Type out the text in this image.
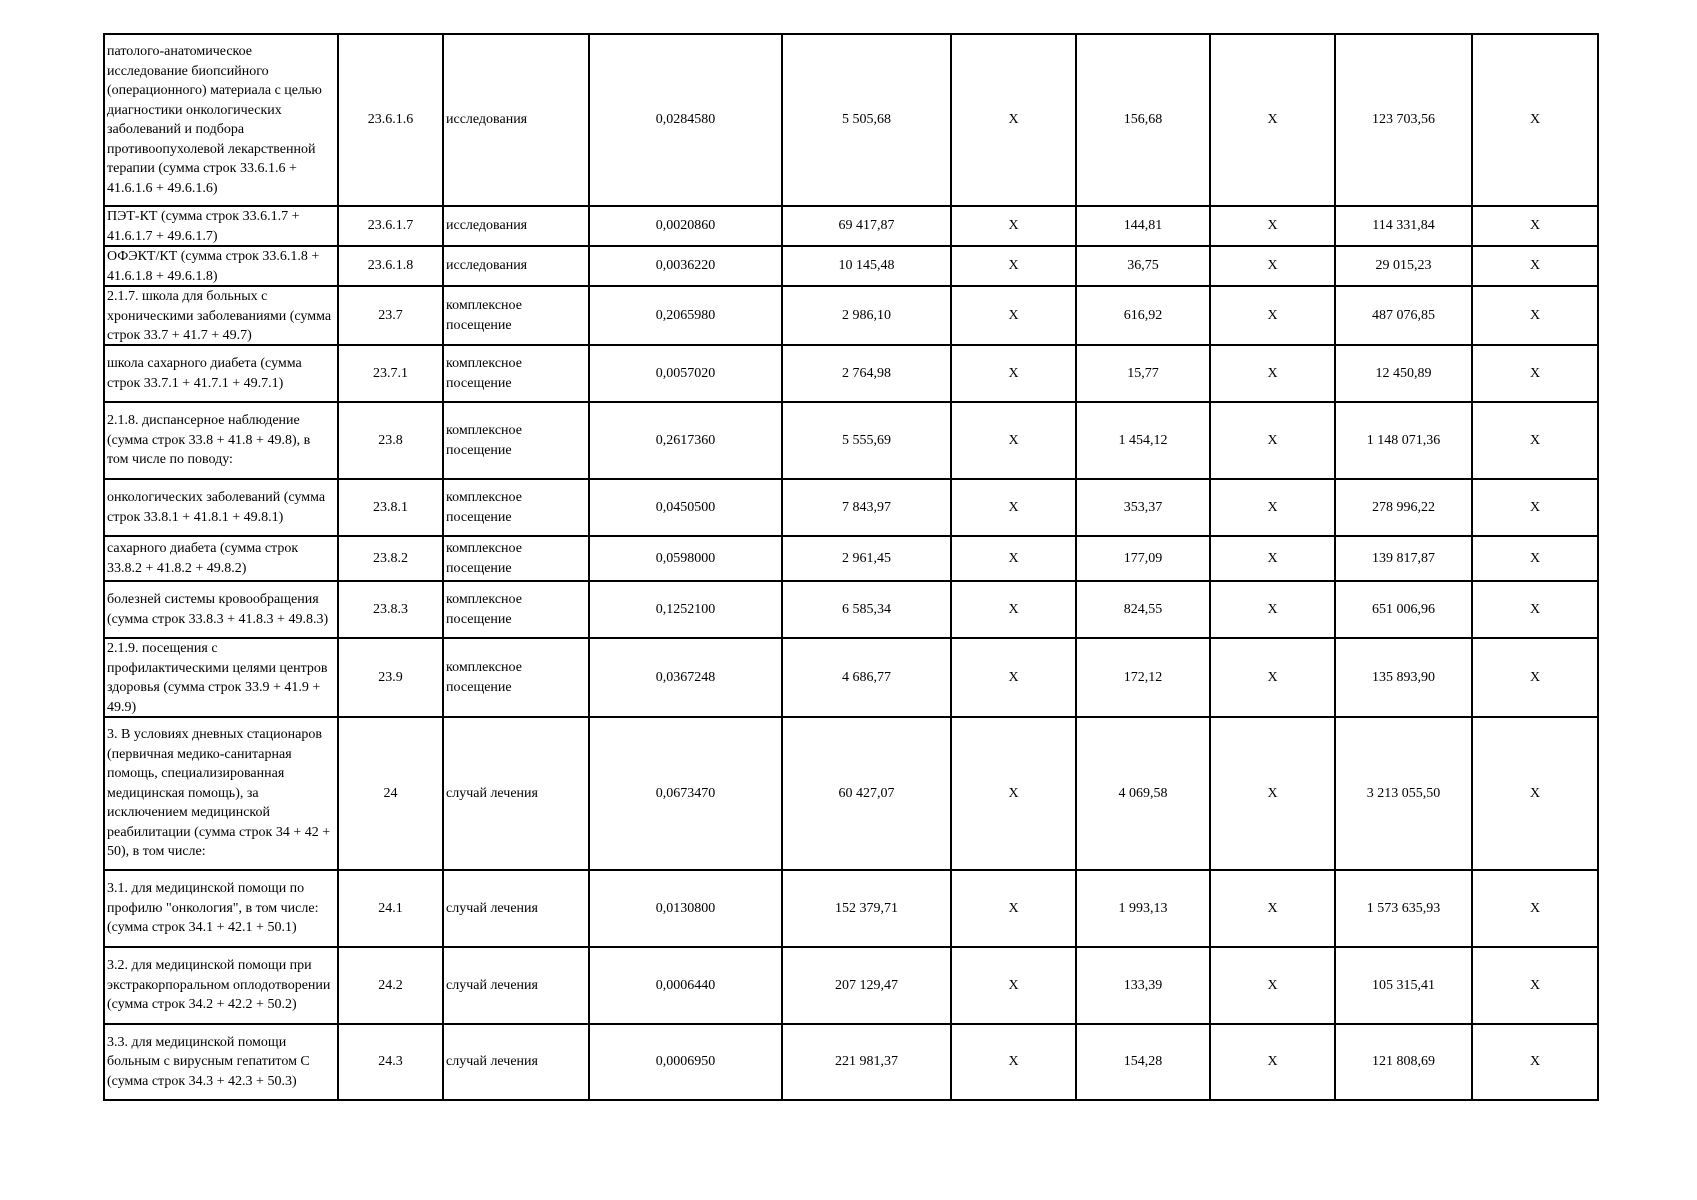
патолого-анатомическое исследование биопсийного (операционного) материала с целью диагностики онкологических заболеваний и подбора противоопухолевой лекарственной терапии (сумма строк 33.6.1.6 + 41.6.1.6 + 49.6.1.6)	23.6.1.6	исследования	0,0284580	5 505,68	Х	156,68	Х	123 703,56	Х

ПЭТ-КТ (сумма строк 33.6.1.7 + 41.6.1.7 + 49.6.1.7)	23.6.1.7	исследования	0,0020860	69 417,87	Х	144,81	Х	114 331,84	Х

ОФЭКТ/КТ (сумма строк 33.6.1.8 + 41.6.1.8 + 49.6.1.8)	23.6.1.8	исследования	0,0036220	10 145,48	Х	36,75	Х	29 015,23	Х

2.1.7. школа для больных с хроническими заболеваниями (сумма строк 33.7 + 41.7 + 49.7)	23.7	комплексное посещение	0,2065980	2 986,10	Х	616,92	Х	487 076,85	Х

школа сахарного диабета (сумма строк 33.7.1 + 41.7.1 + 49.7.1)	23.7.1	комплексное посещение	0,0057020	2 764,98	Х	15,77	Х	12 450,89	Х

2.1.8. диспансерное наблюдение (сумма строк 33.8 + 41.8 + 49.8), в том числе по поводу:	23.8	комплексное посещение	0,2617360	5 555,69	Х	1 454,12	Х	1 148 071,36	Х

онкологических заболеваний (сумма строк 33.8.1 + 41.8.1 + 49.8.1)	23.8.1	комплексное посещение	0,0450500	7 843,97	Х	353,37	Х	278 996,22	Х

сахарного диабета (сумма строк 33.8.2 + 41.8.2 + 49.8.2)	23.8.2	комплексное посещение	0,0598000	2 961,45	Х	177,09	Х	139 817,87	Х

болезней системы кровообращения (сумма строк 33.8.3 + 41.8.3 + 49.8.3)	23.8.3	комплексное посещение	0,1252100	6 585,34	Х	824,55	Х	651 006,96	Х

2.1.9. посещения с профилактическими целями центров здоровья (сумма строк 33.9 + 41.9 + 49.9)	23.9	комплексное посещение	0,0367248	4 686,77	Х	172,12	Х	135 893,90	Х

3. В условиях дневных стационаров (первичная медико-санитарная помощь, специализированная медицинская помощь), за исключением медицинской реабилитации (сумма строк 34 + 42 + 50), в том числе:	24	случай лечения	0,0673470	60 427,07	Х	4 069,58	Х	3 213 055,50	Х

3.1. для медицинской помощи по профилю "онкология", в том числе: (сумма строк 34.1 + 42.1 + 50.1)	24.1	случай лечения	0,0130800	152 379,71	Х	1 993,13	Х	1 573 635,93	Х

3.2. для медицинской помощи при экстракорпоральном оплодотворении (сумма строк 34.2 + 42.2 + 50.2)	24.2	случай лечения	0,0006440	207 129,47	Х	133,39	Х	105 315,41	Х

3.3. для медицинской помощи больным с вирусным гепатитом С (сумма строк 34.3 + 42.3 + 50.3)	24.3	случай лечения	0,0006950	221 981,37	Х	154,28	Х	121 808,69	Х
